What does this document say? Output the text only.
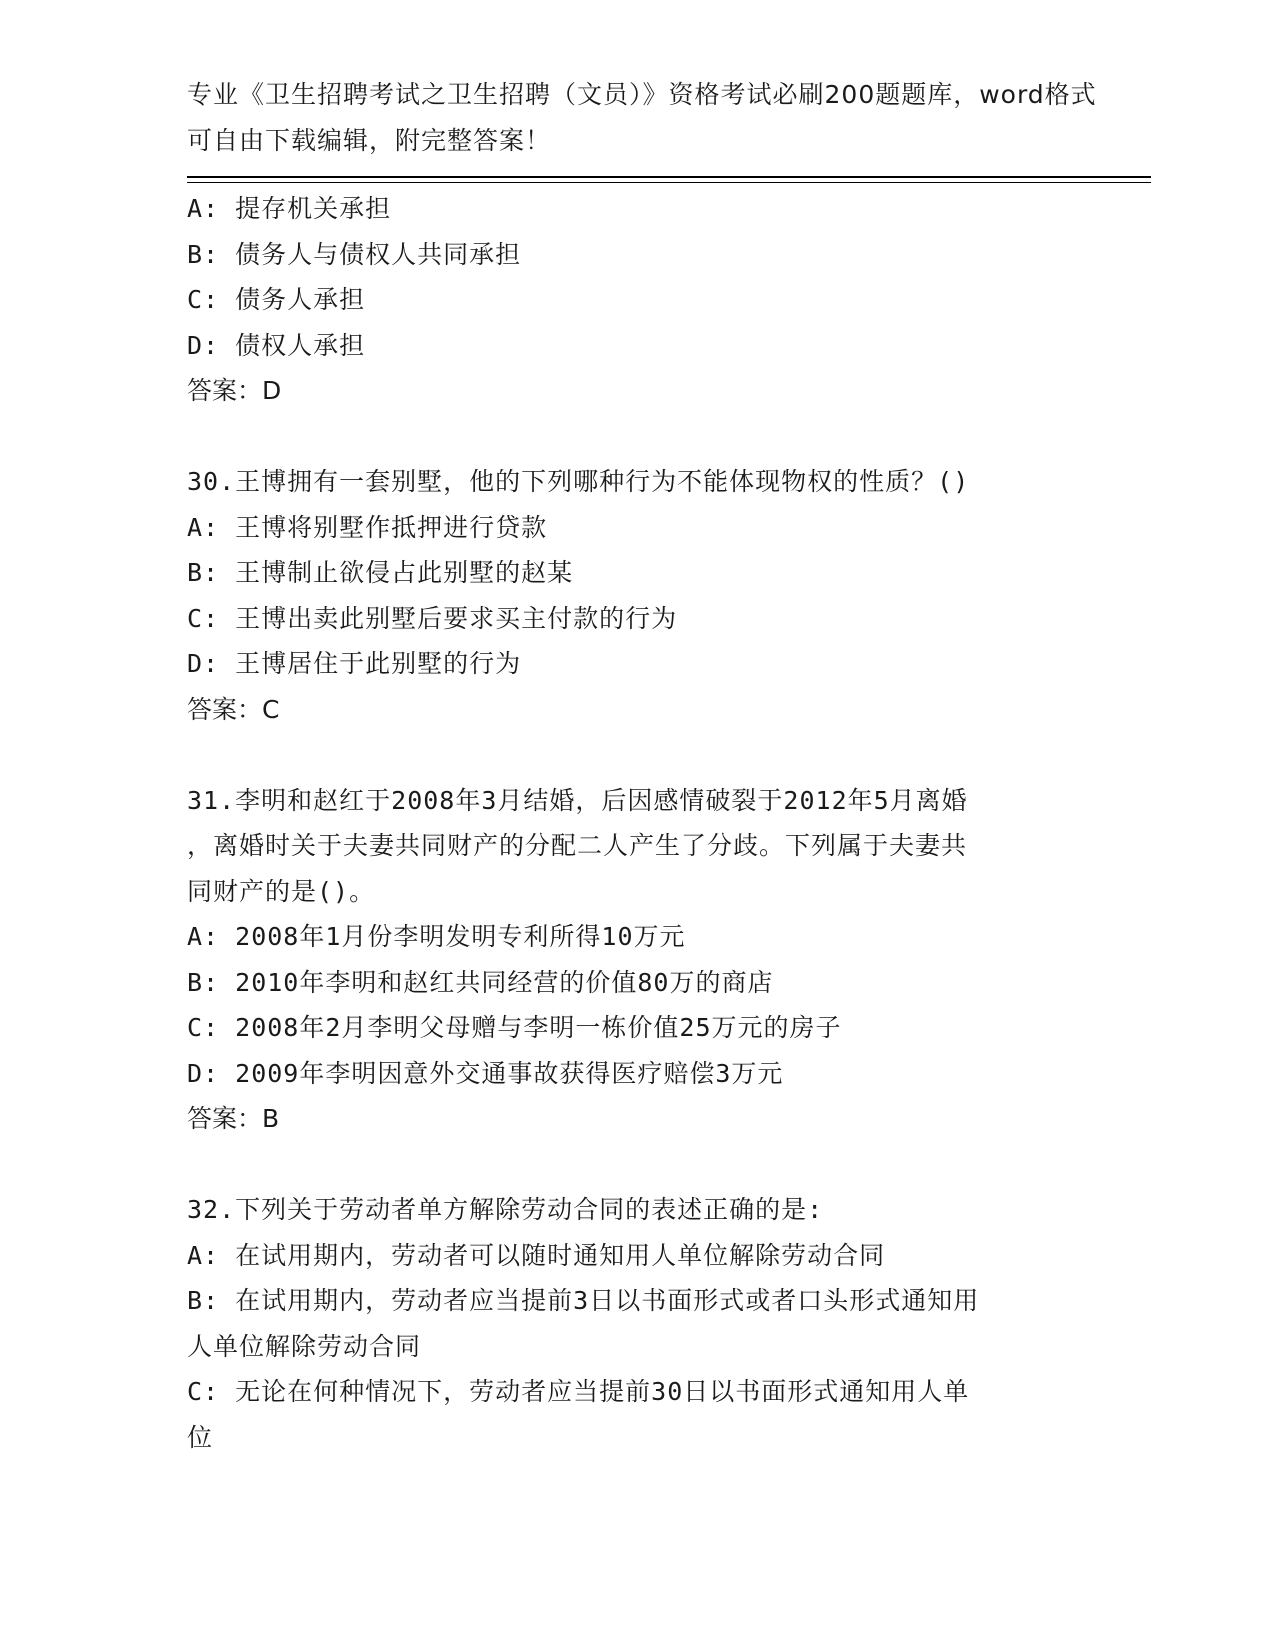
专业《卫生招聘考试之卫生招聘（文员）》资格考试必刷200题题库，word格式
可自由下载编辑，附完整答案！
A: 提存机关承担
B: 债务人与债权人共同承担
C: 债务人承担
D: 债权人承担
答案：D
30.王博拥有一套别墅，他的下列哪种行为不能体现物权的性质？()
A: 王博将别墅作抵押进行贷款
B: 王博制止欲侵占此别墅的赵某
C: 王博出卖此别墅后要求买主付款的行为
D: 王博居住于此别墅的行为
答案：C
31.李明和赵红于2008年3月结婚，后因感情破裂于2012年5月离婚
，离婚时关于夫妻共同财产的分配二人产生了分歧。下列属于夫妻共
同财产的是()。
A: 2008年1月份李明发明专利所得10万元
B: 2010年李明和赵红共同经营的价值80万的商店
C: 2008年2月李明父母赠与李明一栋价值25万元的房子
D: 2009年李明因意外交通事故获得医疗赔偿3万元
答案：B
32.下列关于劳动者单方解除劳动合同的表述正确的是:
A: 在试用期内，劳动者可以随时通知用人单位解除劳动合同
B: 在试用期内，劳动者应当提前3日以书面形式或者口头形式通知用
人单位解除劳动合同
C: 无论在何种情况下，劳动者应当提前30日以书面形式通知用人单
位
